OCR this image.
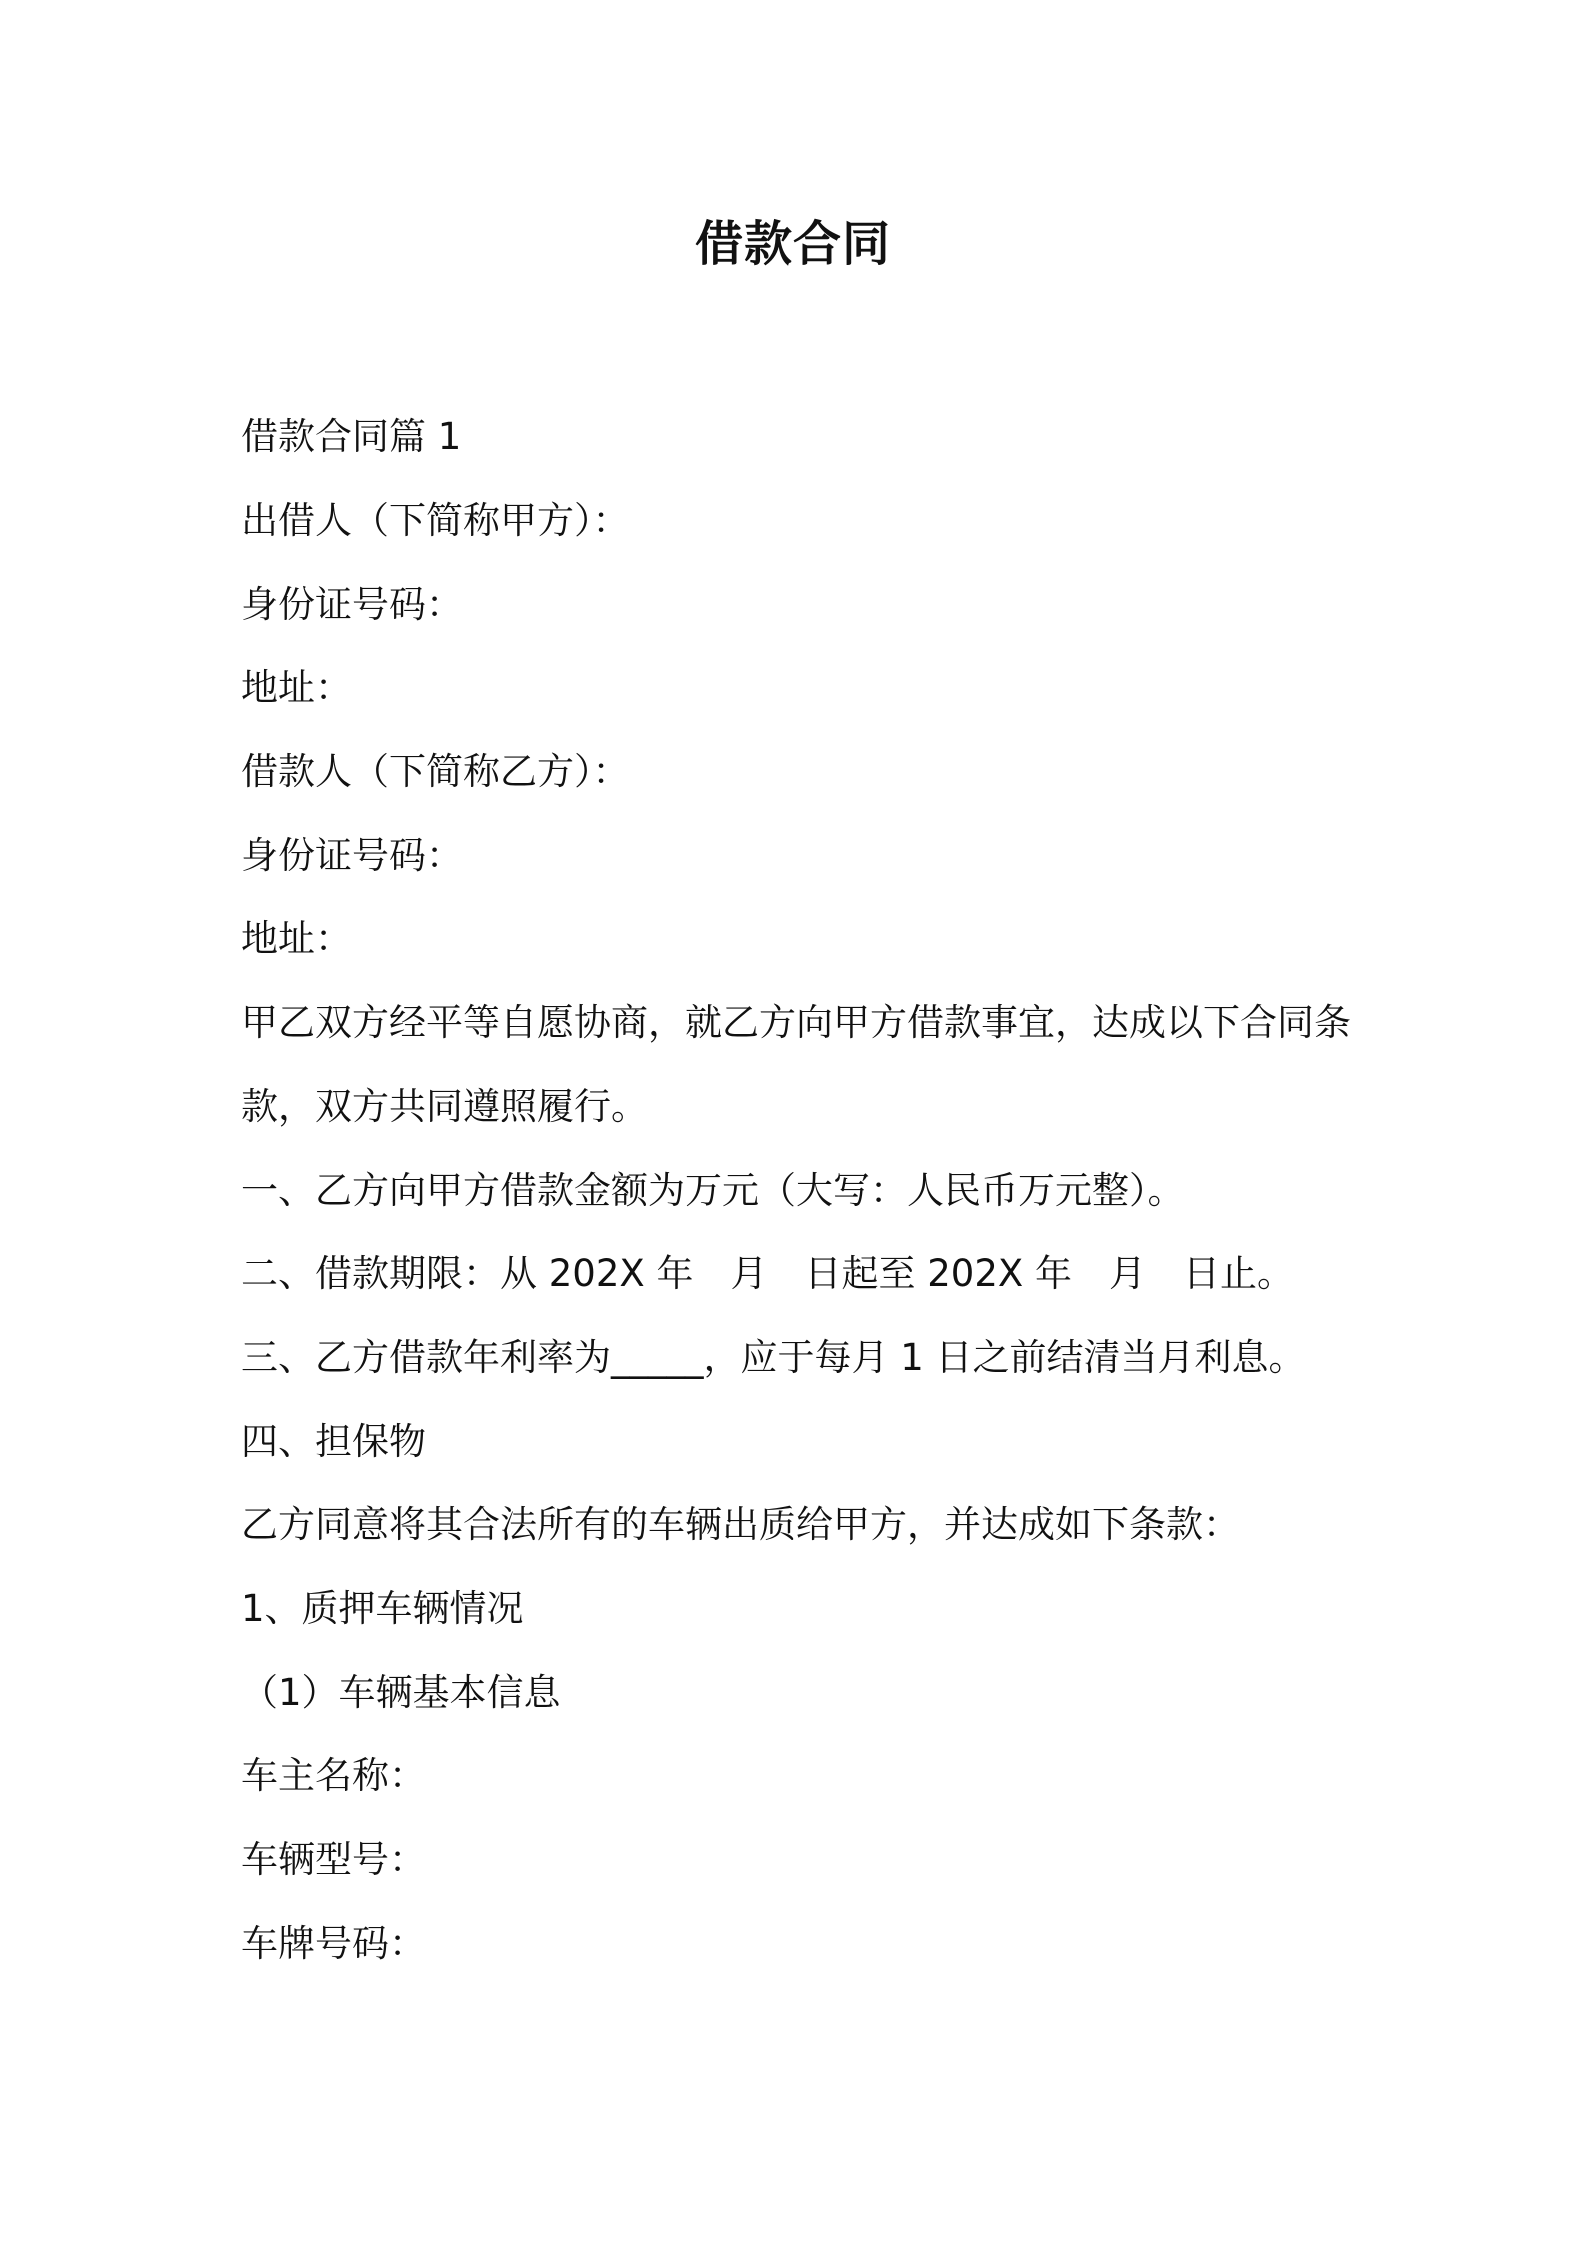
借款合同
借款合同篇 1
出借人（下简称甲方）：
身份证号码：
地址：
借款人（下简称乙方）：
身份证号码：
地址：
甲乙双方经平等自愿协商，就乙方向甲方借款事宜，达成以下合同条
款，双方共同遵照履行。
一、乙方向甲方借款金额为万元（大写：人民币万元整）。
二、借款期限：从 202X 年　月　日起至 202X 年　月　日止。
三、乙方借款年利率为_____，应于每月 1 日之前结清当月利息。
四、担保物
乙方同意将其合法所有的车辆出质给甲方，并达成如下条款：
1、质押车辆情况
（1）车辆基本信息
车主名称：
车辆型号：
车牌号码：
